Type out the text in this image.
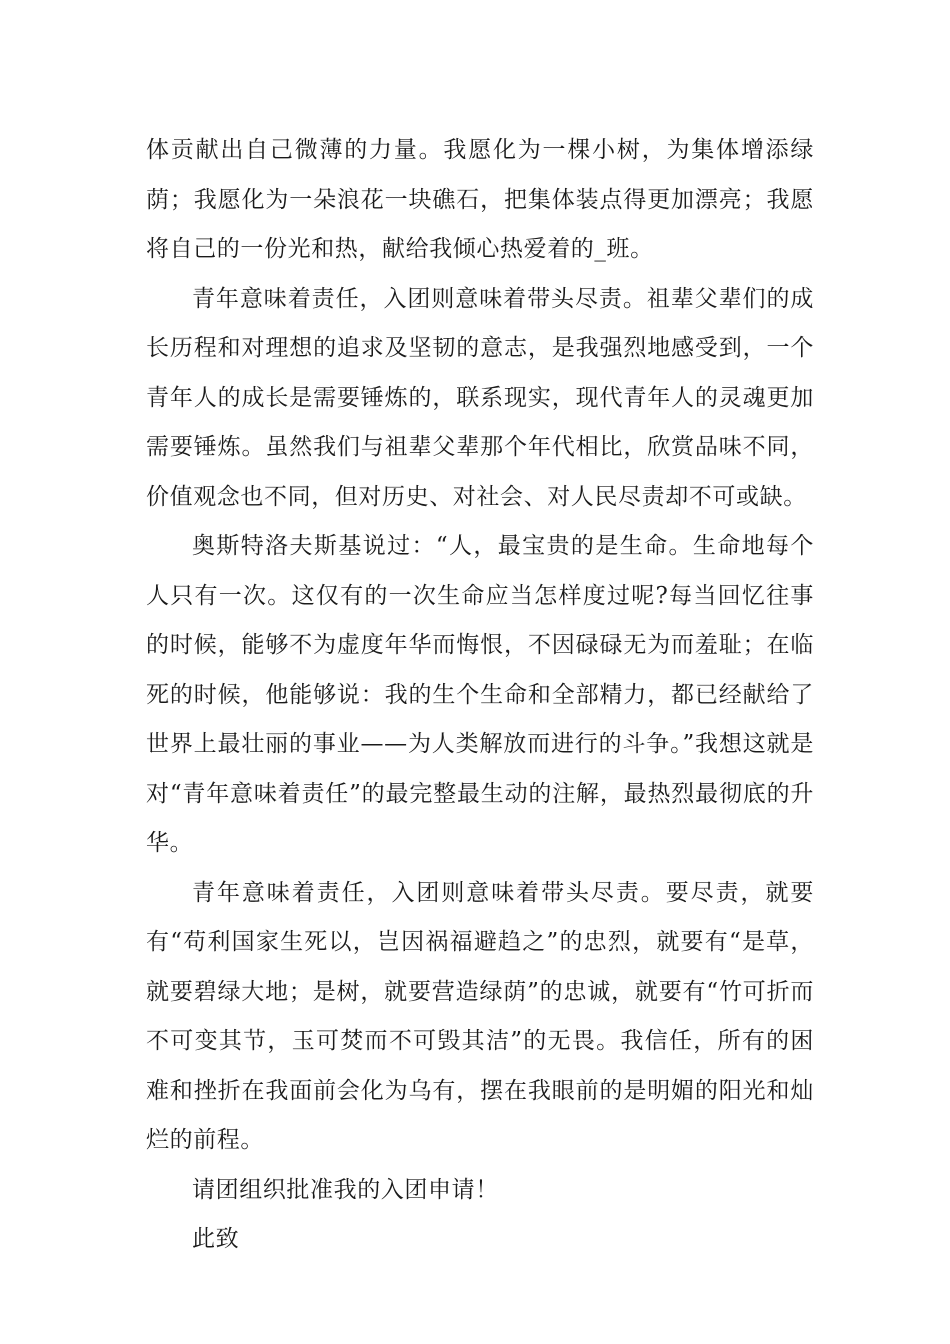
体贡献出自己微薄的力量。我愿化为一棵小树，为集体增添绿荫；我愿化为一朵浪花一块礁石，把集体装点得更加漂亮；我愿将自己的一份光和热，献给我倾心热爱着的_班。

青年意味着责任，入团则意味着带头尽责。祖辈父辈们的成长历程和对理想的追求及坚韧的意志，是我强烈地感受到，一个青年人的成长是需要锤炼的，联系现实，现代青年人的灵魂更加需要锤炼。虽然我们与祖辈父辈那个年代相比，欣赏品味不同，价值观念也不同，但对历史、对社会、对人民尽责却不可或缺。

奥斯特洛夫斯基说过：“人，最宝贵的是生命。生命地每个人只有一次。这仅有的一次生命应当怎样度过呢?每当回忆往事的时候，能够不为虚度年华而悔恨，不因碌碌无为而羞耻；在临死的时候，他能够说：我的生个生命和全部精力，都已经献给了世界上最壮丽的事业——为人类解放而进行的斗争。”我想这就是对“青年意味着责任”的最完整最生动的注解，最热烈最彻底的升华。

青年意味着责任，入团则意味着带头尽责。要尽责，就要有“苟利国家生死以，岂因祸福避趋之”的忠烈，就要有“是草，就要碧绿大地；是树，就要营造绿荫”的忠诚，就要有“竹可折而不可变其节，玉可焚而不可毁其洁”的无畏。我信任，所有的困难和挫折在我面前会化为乌有，摆在我眼前的是明媚的阳光和灿烂的前程。

请团组织批准我的入团申请！

此致
